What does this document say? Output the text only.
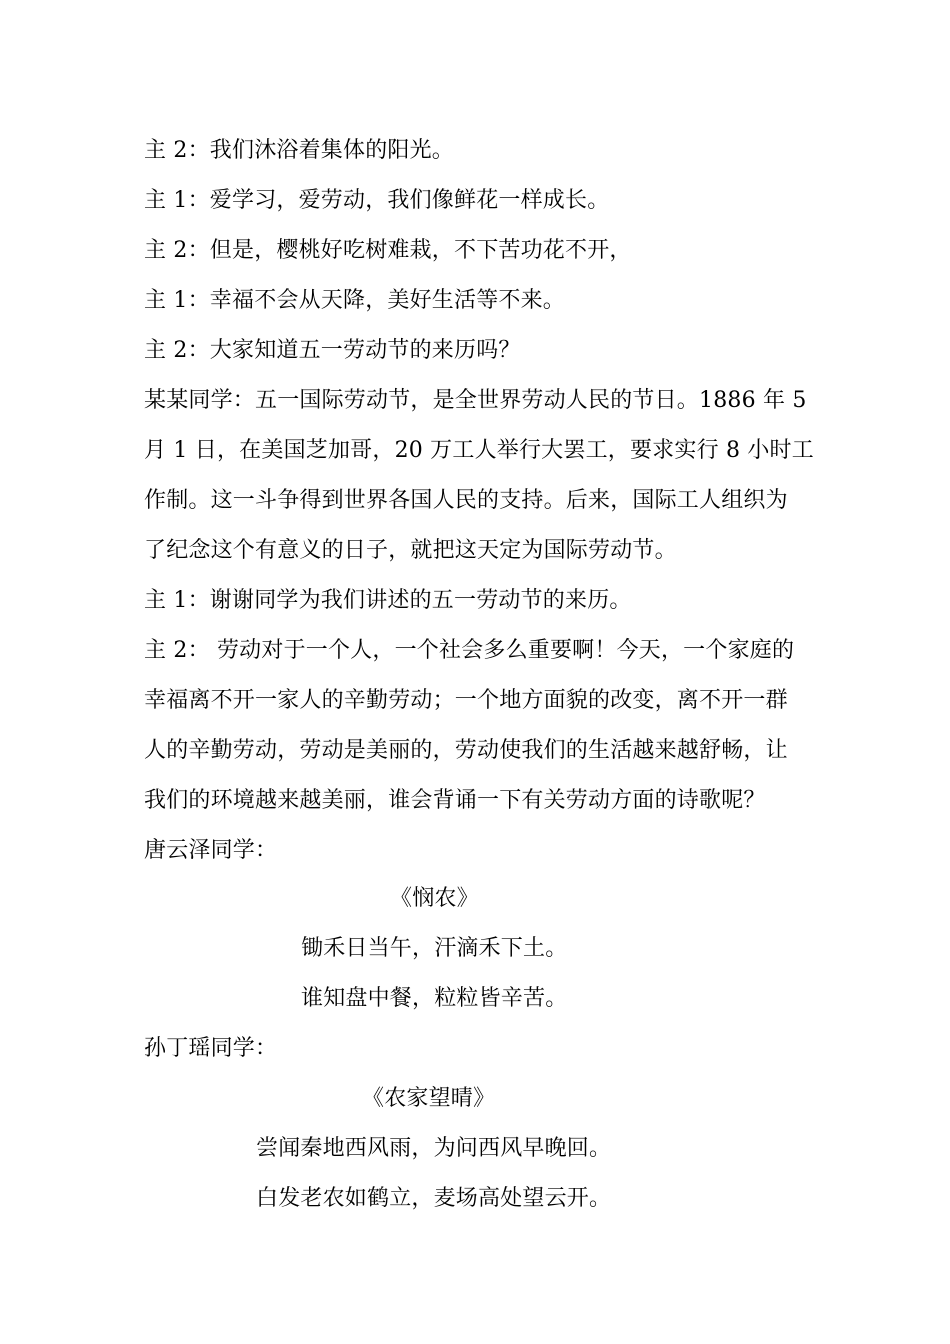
主 2：我们沐浴着集体的阳光。
主 1：爱学习，爱劳动，我们像鲜花一样成长。
主 2：但是，樱桃好吃树难栽，不下苦功花不开，
主 1：幸福不会从天降，美好生活等不来。
主 2：大家知道五一劳动节的来历吗？
某某同学：五一国际劳动节，是全世界劳动人民的节日。1886 年 5
月 1 日，在美国芝加哥，20 万工人举行大罢工，要求实行 8 小时工
作制。这一斗争得到世界各国人民的支持。后来，国际工人组织为
了纪念这个有意义的日子，就把这天定为国际劳动节。
主 1：谢谢同学为我们讲述的五一劳动节的来历。
主 2： 劳动对于一个人，一个社会多么重要啊！今天，一个家庭的
幸福离不开一家人的辛勤劳动；一个地方面貌的改变，离不开一群
人的辛勤劳动，劳动是美丽的，劳动使我们的生活越来越舒畅，让
我们的环境越来越美丽，谁会背诵一下有关劳动方面的诗歌呢？
唐云泽同学：
《悯农》
锄禾日当午，汗滴禾下土。
谁知盘中餐，粒粒皆辛苦。
孙丁瑶同学：
《农家望晴》
尝闻秦地西风雨，为问西风早晚回。
白发老农如鹤立，麦场高处望云开。
